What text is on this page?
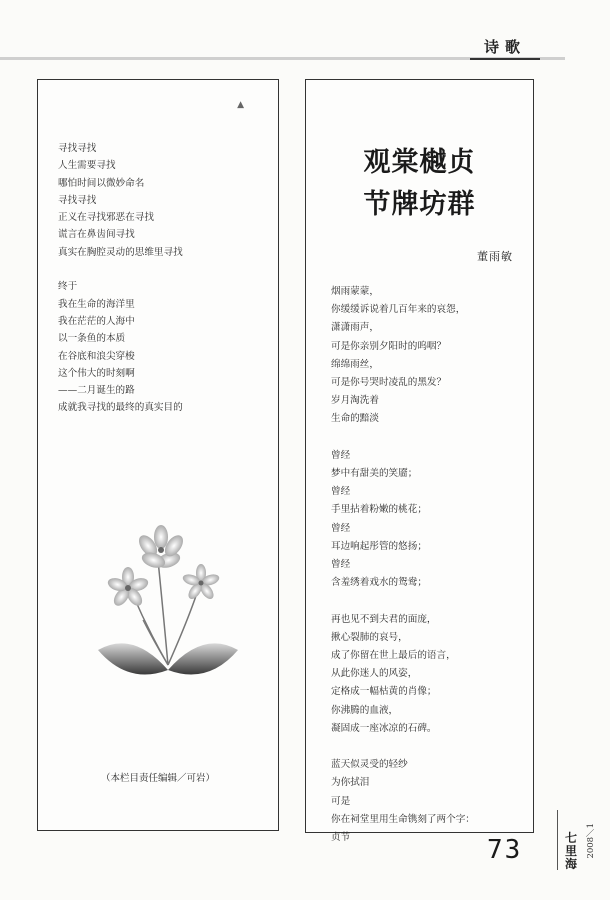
诗歌
▲
寻找寻找
人生需要寻找
哪怕时间以微妙命名
寻找寻找
正义在寻找邪恶在寻找
谎言在鼻齿间寻找
真实在胸腔灵动的思维里寻找

终于
我在生命的海洋里
我在茫茫的人海中
以一条鱼的本质
在谷底和浪尖穿梭
这个伟大的时刻啊
——二月诞生的路
成就我寻找的最终的真实目的
（本栏目责任编辑／可岩）
观棠樾贞
节牌坊群
董雨敏
烟雨蒙蒙，
你缓缓诉说着几百年来的哀怨，
潇潇雨声，
可是你亲别夕阳时的呜咽？
绵绵雨丝，
可是你号哭时凌乱的黑发？
岁月淘洗着
生命的黯淡

曾经
梦中有甜美的笑靥；
曾经
手里拈着粉嫩的桃花；
曾经
耳边响起彤管的悠扬；
曾经
含羞绣着戏水的鸳鸯；

再也见不到夫君的面庞，
揪心裂肺的哀号，
成了你留在世上最后的语言，
从此你迷人的风姿，
定格成一幅枯黄的肖像；
你沸腾的血液，
凝固成一座冰凉的石碑。

蓝天似灵受的轻纱
为你拭泪
可是
你在祠堂里用生命镌刻了两个字：
贞节	73	七里海
2008／1
